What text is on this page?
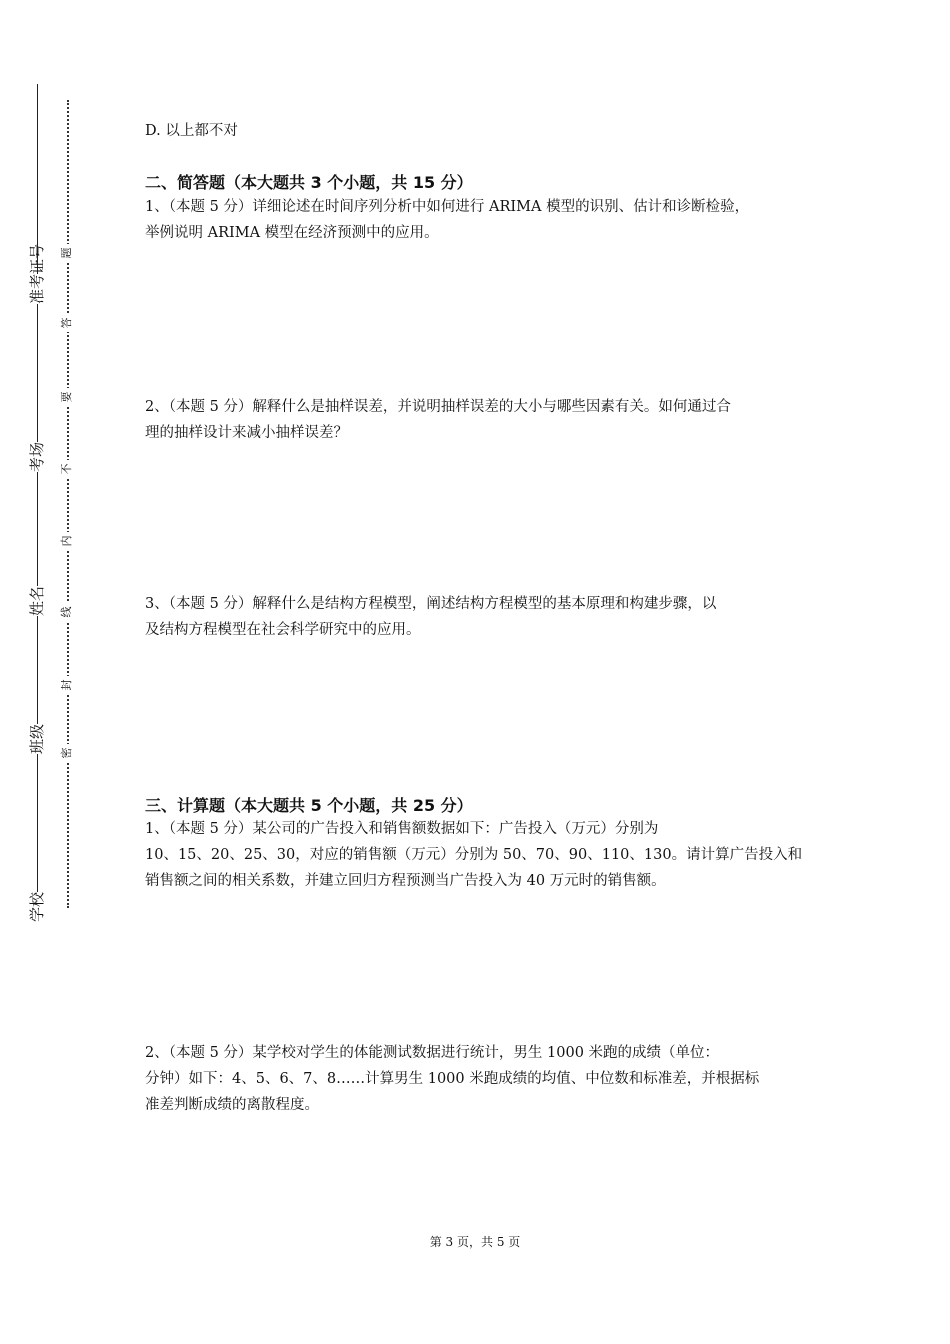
准考证号
考场
姓名
班级
学校
题
答
要
不
内
线
封
密
D. 以上都不对
二、简答题（本大题共 3 个小题，共 15 分）
1、（本题 5 分）详细论述在时间序列分析中如何进行 ARIMA 模型的识别、估计和诊断检验，
举例说明 ARIMA 模型在经济预测中的应用。
2、（本题 5 分）解释什么是抽样误差，并说明抽样误差的大小与哪些因素有关。如何通过合
理的抽样设计来减小抽样误差？
3、（本题 5 分）解释什么是结构方程模型，阐述结构方程模型的基本原理和构建步骤，以
及结构方程模型在社会科学研究中的应用。
三、计算题（本大题共 5 个小题，共 25 分）
1、（本题 5 分）某公司的广告投入和销售额数据如下：广告投入（万元）分别为
10、15、20、25、30，对应的销售额（万元）分别为 50、70、90、110、130。请计算广告投入和
销售额之间的相关系数，并建立回归方程预测当广告投入为 40 万元时的销售额。
2、（本题 5 分）某学校对学生的体能测试数据进行统计，男生 1000 米跑的成绩（单位：
分钟）如下：4、5、6、7、8……计算男生 1000 米跑成绩的均值、中位数和标准差，并根据标
准差判断成绩的离散程度。
第 3 页，共 5 页
